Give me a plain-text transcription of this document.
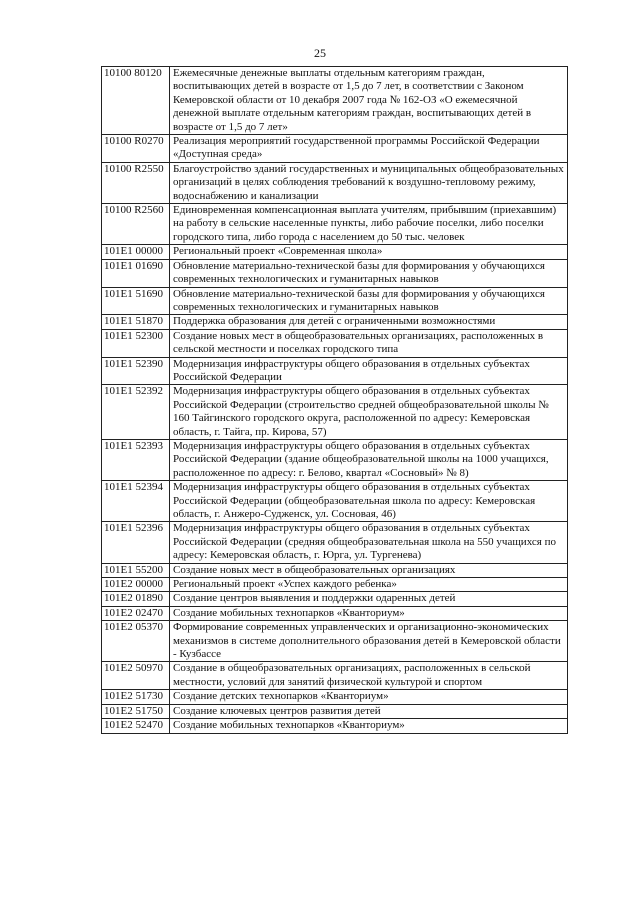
25
10100 80120	Ежемесячные денежные выплаты отдельным категориям граждан, воспитывающих детей в возрасте от 1,5 до 7 лет, в соответствии с Законом Кемеровской области от 10 декабря 2007 года № 162-ОЗ «О ежемесячной денежной выплате отдельным категориям граждан, воспитывающих детей в возрасте от 1,5 до 7 лет»
10100 R0270	Реализация мероприятий государственной программы Российской Федерации «Доступная среда»
10100 R2550	Благоустройство зданий государственных и муниципальных общеобразовательных организаций в целях соблюдения требований к воздушно-тепловому режиму, водоснабжению и канализации
10100 R2560	Единовременная компенсационная выплата учителям, прибывшим (приехавшим) на работу в сельские населенные пункты, либо рабочие поселки, либо поселки городского типа, либо города с населением до 50 тыс. человек
101E1 00000	Региональный проект «Современная школа»
101E1 01690	Обновление материально-технической базы для формирования у обучающихся современных технологических и гуманитарных навыков
101E1 51690	Обновление материально-технической базы для формирования у обучающихся современных технологических и гуманитарных навыков
101E1 51870	Поддержка образования для детей с ограниченными возможностями
101E1 52300	Создание новых мест в общеобразовательных организациях, расположенных в сельской местности и поселках городского типа
101E1 52390	Модернизация инфраструктуры общего образования в отдельных субъектах Российской Федерации
101E1 52392	Модернизация инфраструктуры общего образования в отдельных субъектах Российской Федерации (строительство средней общеобразовательной школы № 160 Тайгинского городского округа, расположенной по адресу: Кемеровская область, г. Тайга, пр. Кирова, 57)
101E1 52393	Модернизация инфраструктуры общего образования в отдельных субъектах Российской Федерации (здание общеобразовательной школы на 1000 учащихся, расположенное по адресу: г. Белово, квартал «Сосновый» № 8)
101E1 52394	Модернизация инфраструктуры общего образования в отдельных субъектах Российской Федерации (общеобразовательная школа по адресу: Кемеровская область, г. Анжеро-Судженск, ул. Сосновая, 46)
101E1 52396	Модернизация инфраструктуры общего образования в отдельных субъектах Российской Федерации (средняя общеобразовательная школа на 550 учащихся по адресу: Кемеровская область, г. Юрга, ул. Тургенева)
101E1 55200	Создание новых мест в общеобразовательных организациях
101E2 00000	Региональный проект «Успех каждого ребенка»
101E2 01890	Создание центров выявления и поддержки одаренных детей
101E2 02470	Создание мобильных технопарков «Кванториум»
101E2 05370	Формирование современных управленческих и организационно-экономических механизмов в системе дополнительного образования детей в Кемеровской области - Кузбассе
101E2 50970	Создание в общеобразовательных организациях, расположенных в сельской местности, условий для занятий физической культурой и спортом
101E2 51730	Создание детских технопарков «Кванториум»
101E2 51750	Создание ключевых центров развития детей
101E2 52470	Создание мобильных технопарков «Кванториум»
